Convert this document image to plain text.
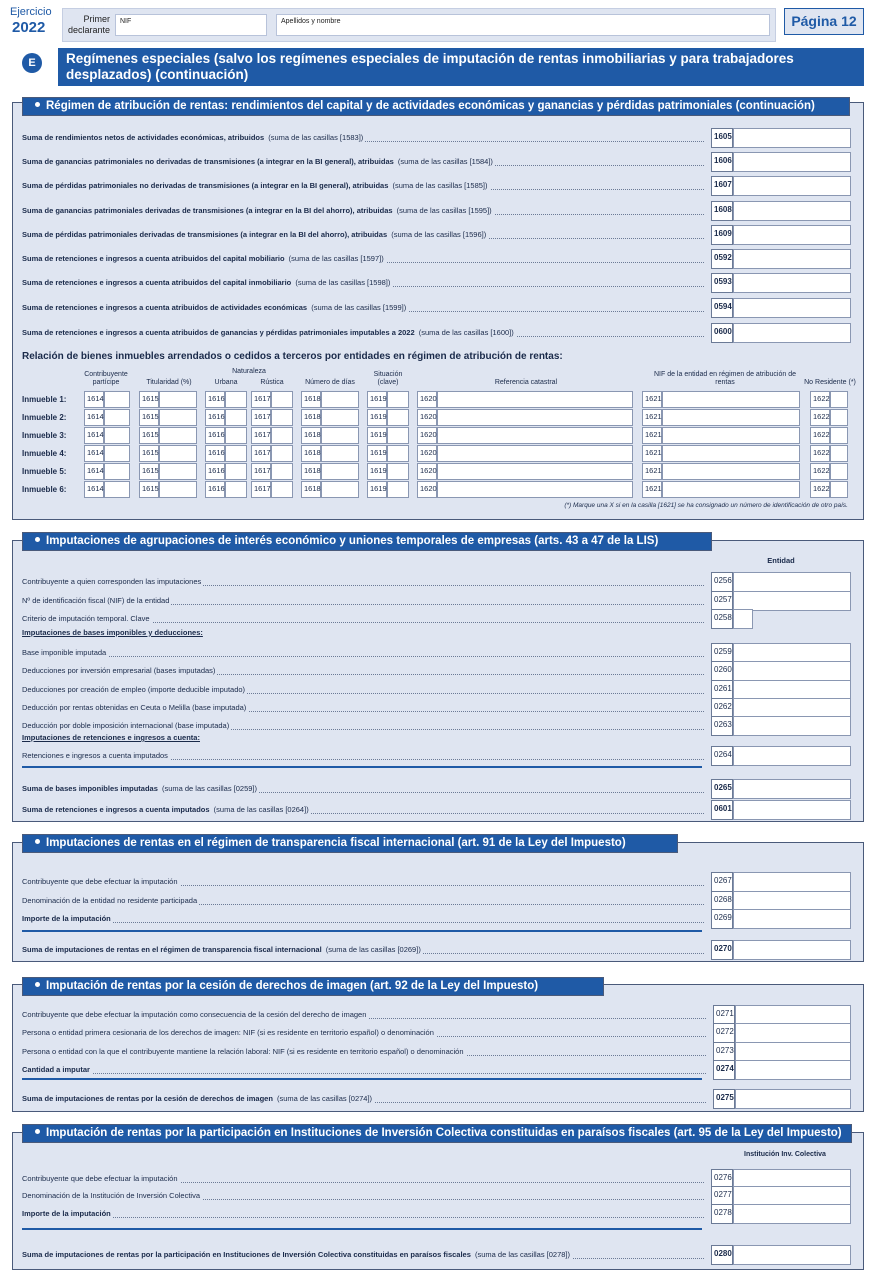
Ejercicio
2022	Primer declarante
NIF	Apellidos y nombre	Página 12
E	Regímenes especiales (salvo los regímenes especiales de imputación de rentas inmobiliarias y para trabajadores desplazados) (continuación)
Régimen de atribución de rentas: rendimientos del capital y de actividades económicas y ganancias y pérdidas patrimoniales (continuación)
Suma de rendimientos netos de actividades económicas, atribuidos (suma de las casillas [1583])	1605
Suma de ganancias patrimoniales no derivadas de transmisiones (a integrar en la BI general), atribuidas (suma de las casillas [1584])	1606
Suma de pérdidas patrimoniales no derivadas de transmisiones (a integrar en la BI general), atribuidas (suma de las casillas [1585])	1607
Suma de ganancias patrimoniales derivadas de transmisiones (a integrar en la BI del ahorro), atribuidas (suma de las casillas [1595])	1608
Suma de pérdidas patrimoniales derivadas de transmisiones (a integrar en la BI del ahorro), atribuidas (suma de las casillas [1596])	1609
Suma de retenciones e ingresos a cuenta atribuidos del capital mobiliario (suma de las casillas [1597])	0592
Suma de retenciones e ingresos a cuenta atribuidos del capital inmobiliario (suma de las casillas [1598])	0593
Suma de retenciones e ingresos a cuenta atribuidos de actividades económicas (suma de las casillas [1599])	0594
Suma de retenciones e ingresos a cuenta atribuidos de ganancias y pérdidas patrimoniales imputables a 2022 (suma de las casillas [1600])	0600
Relación de bienes inmuebles arrendados o cedidos a terceros por entidades en régimen de atribución de rentas:
Contribuyente partícipe	Titularidad (%)
Naturaleza
Urbana	Rústica	Número de días
Situación (clave)	Referencia catastral
NIF de la entidad en régimen de atribución de rentas	No Residente (*)
Inmueble 1:	1614	1615	1616	1617	1618	1619	1620	1621	1622
Inmueble 2:	1614	1615	1616	1617	1618	1619	1620	1621	1622
Inmueble 3:	1614	1615	1616	1617	1618	1619	1620	1621	1622
Inmueble 4:	1614	1615	1616	1617	1618	1619	1620	1621	1622
Inmueble 5:	1614	1615	1616	1617	1618	1619	1620	1621	1622
Inmueble 6:	1614	1615	1616	1617	1618	1619	1620	1621	1622
(*) Marque una X si en la casilla [1621] se ha consignado un número de identificación de otro país.
Imputaciones de agrupaciones de interés económico y uniones temporales de empresas (arts. 43 a 47 de la LIS)
Entidad
Contribuyente a quien corresponden las imputaciones	0256
Nº de identificación fiscal (NIF) de la entidad	0257
Criterio de imputación temporal. Clave	0258
Base imponible imputada	0259
Deducciones por inversión empresarial (bases imputadas)	0260
Deducciones por creación de empleo (importe deducible imputado)	0261
Deducción por rentas obtenidas en Ceuta o Melilla (base imputada)	0262
Deducción por doble imposición internacional (base imputada)	0263
Retenciones e ingresos a cuenta imputados	0264
Imputaciones de bases imponibles y deducciones:
Imputaciones de retenciones e ingresos a cuenta:
Suma de bases imponibles imputadas (suma de las casillas [0259])	0265
Suma de retenciones e ingresos a cuenta imputados (suma de las casillas [0264])	0601
Imputaciones de rentas en el régimen de transparencia fiscal internacional (art. 91 de la Ley del Impuesto)
Contribuyente que debe efectuar la imputación	0267
Denominación de la entidad no residente participada	0268
Importe de la imputación	0269
Suma de imputaciones de rentas en el régimen de transparencia fiscal internacional (suma de las casillas [0269])	0270
Imputación de rentas por la cesión de derechos de imagen (art. 92 de la Ley del Impuesto)
Contribuyente que debe efectuar la imputación como consecuencia de la cesión del derecho de imagen	0271
Persona o entidad primera cesionaria de los derechos de imagen: NIF (si es residente en territorio español) o denominación	0272
Persona o entidad con la que el contribuyente mantiene la relación laboral: NIF (si es residente en territorio español) o denominación	0273
Cantidad a imputar	0274
Suma de imputaciones de rentas por la cesión de derechos de imagen (suma de las casillas [0274])	0275
Imputación de rentas por la participación en Instituciones de Inversión Colectiva constituidas en paraísos fiscales (art. 95 de la Ley del Impuesto)
Institución Inv. Colectiva
Contribuyente que debe efectuar la imputación	0276
Denominación de la Institución de Inversión Colectiva	0277
Importe de la imputación	0278
Suma de imputaciones de rentas por la participación en Instituciones de Inversión Colectiva constituidas en paraísos fiscales (suma de las casillas [0278])	0280
